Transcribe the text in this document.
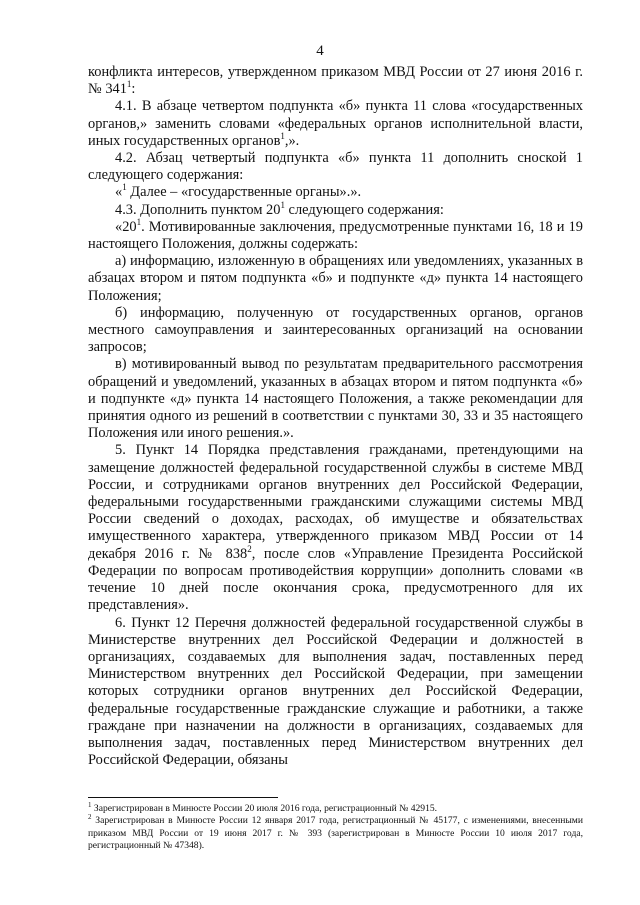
4

конфликта интересов, утвержденном приказом МВД России от 27 июня 2016 г. № $341^1$:

4.1. В абзаце четвертом подпункта «б» пункта 11 слова «государственных органов,» заменить словами «федеральных органов исполнительной власти, иных государственных органов$^1$,».

4.2. Абзац четвертый подпункта «б» пункта 11 дополнить сноской 1 следующего содержания:

«$^1$ Далее – «государственные органы».».

4.3. Дополнить пунктом $20^1$ следующего содержания:

«$20^1$. Мотивированные заключения, предусмотренные пунктами 16, 18 и 19 настоящего Положения, должны содержать:

а) информацию, изложенную в обращениях или уведомлениях, указанных в абзацах втором и пятом подпункта «б» и подпункте «д» пункта 14 настоящего Положения;

б) информацию, полученную от государственных органов, органов местного самоуправления и заинтересованных организаций на основании запросов;

в) мотивированный вывод по результатам предварительного рассмотрения обращений и уведомлений, указанных в абзацах втором и пятом подпункта «б» и подпункте «д» пункта 14 настоящего Положения, а также рекомендации для принятия одного из решений в соответствии с пунктами 30, 33 и 35 настоящего Положения или иного решения.».

5. Пункт 14 Порядка представления гражданами, претендующими на замещение должностей федеральной государственной службы в системе МВД России, и сотрудниками органов внутренних дел Российской Федерации, федеральными государственными гражданскими служащими системы МВД России сведений о доходах, расходах, об имуществе и обязательствах имущественного характера, утвержденного приказом МВД России от 14 декабря 2016 г. № $838^2$, после слов «Управление Президента Российской Федерации по вопросам противодействия коррупции» дополнить словами «в течение 10 дней после окончания срока, предусмотренного для их представления».

6. Пункт 12 Перечня должностей федеральной государственной службы в Министерстве внутренних дел Российской Федерации и должностей в организациях, создаваемых для выполнения задач, поставленных перед Министерством внутренних дел Российской Федерации, при замещении которых сотрудники органов внутренних дел Российской Федерации, федеральные государственные гражданские служащие и работники, а также граждане при назначении на должности в организациях, создаваемых для выполнения задач, поставленных перед Министерством внутренних дел Российской Федерации, обязаны

$^1$ Зарегистрирован в Минюсте России 20 июля 2016 года, регистрационный № 42915.

$^2$ Зарегистрирован в Минюсте России 12 января 2017 года, регистрационный № 45177, с изменениями, внесенными приказом МВД России от 19 июня 2017 г. № 393 (зарегистрирован в Минюсте России 10 июля 2017 года, регистрационный № 47348).
